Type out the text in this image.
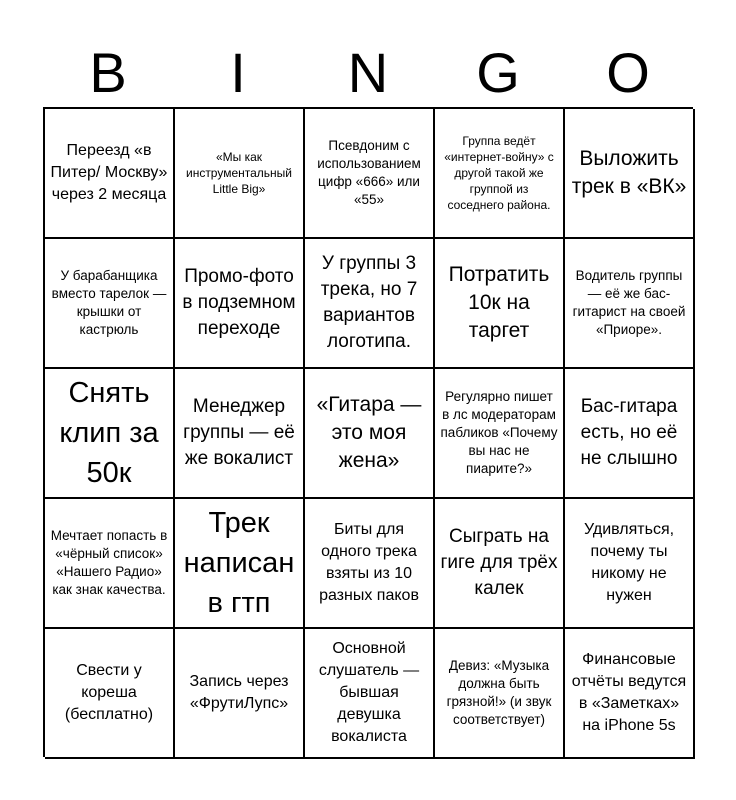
B	I	N	G	O
Переезд «в Питер/ Москву» через 2 месяца
«Мы как инструментальный Little Big»
Псевдоним с использованием цифр «666» или «55»
Группа ведёт «интернет-войну» с другой такой же группой из соседнего района.
Выложить трек в «ВК»
У барабанщика вместо тарелок — крышки от кастрюль
Промо-фото в подземном переходе
У группы 3 трека, но 7 вариантов логотипа.
Потратить 10к на таргет
Водитель группы — её же бас-гитарист на своей «Приоре».
Снять клип за 50к
Менеджер группы — её же вокалист
«Гитара — это моя жена»
Регулярно пишет в лс модераторам пабликов «Почему вы нас не пиарите?»
Бас-гитара есть, но её не слышно
Мечтает попасть в «чёрный список» «Нашего Радио» как знак качества.
Трек написан в гтп
Биты для одного трека взяты из 10 разных паков
Сыграть на гиге для трёх калек
Удивляться, почему ты никому не нужен
Свести у кореша (бесплатно)
Запись через «ФрутиЛупс»
Основной слушатель — бывшая девушка вокалиста
Девиз: «Музыка должна быть грязной!» (и звук соответствует)
Финансовые отчёты ведутся в «Заметках» на iPhone 5s
